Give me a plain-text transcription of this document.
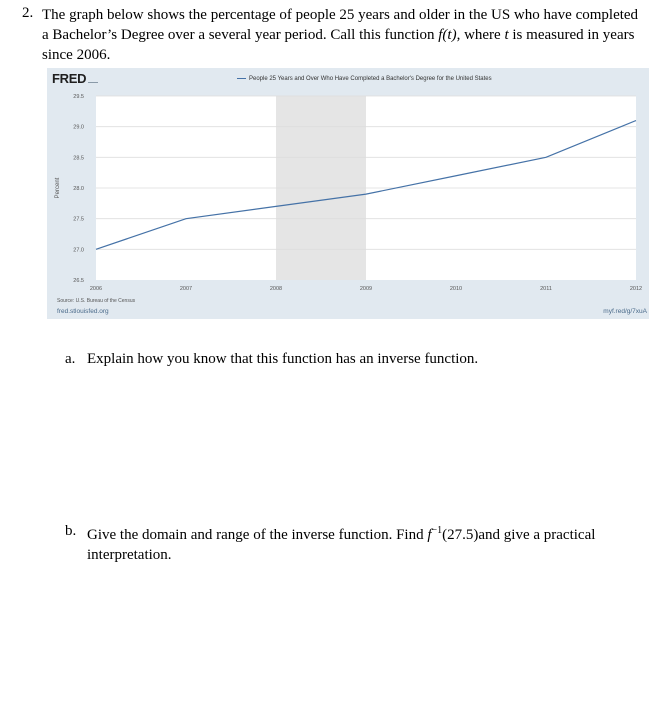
2. The graph below shows the percentage of people 25 years and older in the US who have completed a Bachelor’s Degree over a several year period. Call this function f(t), where t is measured in years since 2006.
FRED	People 25 Years and Over Who Have Completed a Bachelor's Degree for the United States
26.5
27.0
27.5
28.0
28.5
29.0
29.5
2006	2007	2008	2009	2010	2011	2012
Percent
Source: U.S. Bureau of the Census
fred.stlouisfed.org	myf.red/g/7xuA
a. Explain how you know that this function has an inverse function.
b. Give the domain and range of the inverse function. Find $f^{-1}(27.5)and$ give a practical interpretation.
